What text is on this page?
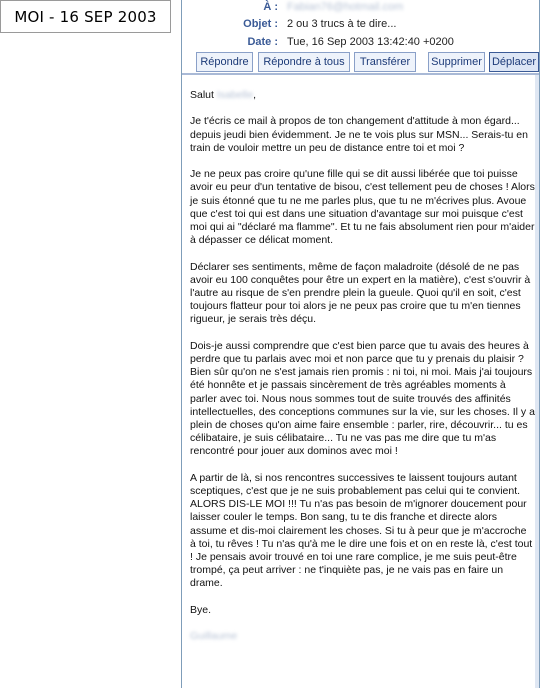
MOI - 16 SEP 2003
À : Fabian76@hotmail.com
Objet : 2 ou 3 trucs à te dire...
Date : Tue, 16 Sep 2003 13:42:40 +0200
Répondre	Répondre à tous	Transférer	Supprimer Déplacer

Salut Isabelle,

Je t'écris ce mail à propos de ton changement d'attitude à mon égard... depuis jeudi bien évidemment. Je ne te vois plus sur MSN... Serais-tu en train de vouloir mettre un peu de distance entre toi et moi ?

Je ne peux pas croire qu'une fille qui se dit aussi libérée que toi puisse avoir eu peur d'un tentative de bisou, c'est tellement peu de choses ! Alors je suis étonné que tu ne me parles plus, que tu ne m'écrives plus. Avoue que c'est toi qui est dans une situation d'avantage sur moi puisque c'est moi qui ai "déclaré ma flamme". Et tu ne fais absolument rien pour m'aider à dépasser ce délicat moment.

Déclarer ses sentiments, même de façon maladroite (désolé de ne pas avoir eu 100 conquêtes pour être un expert en la matière), c'est s'ouvrir à l'autre au risque de s'en prendre plein la gueule. Quoi qu'il en soit, c'est toujours flatteur pour toi alors je ne peux pas croire que tu m'en tiennes rigueur, je serais très déçu.

Dois-je aussi comprendre que c'est bien parce que tu avais des heures à perdre que tu parlais avec moi et non parce que tu y prenais du plaisir ? Bien sûr qu'on ne s'est jamais rien promis : ni toi, ni moi. Mais j'ai toujours été honnête et je passais sincèrement de très agréables moments à parler avec toi. Nous nous sommes tout de suite trouvés des affinités intellectuelles, des conceptions communes sur la vie, sur les choses. Il y a plein de choses qu'on aime faire ensemble : parler, rire, découvrir... tu es célibataire, je suis célibataire... Tu ne vas pas me dire que tu m'as rencontré pour jouer aux dominos avec moi !

A partir de là, si nos rencontres successives te laissent toujours autant sceptiques, c'est que je ne suis probablement pas celui qui te convient. ALORS DIS-LE MOI !!! Tu n'as pas besoin de m'ignorer doucement pour laisser couler le temps. Bon sang, tu te dis franche et directe alors assume et dis-moi clairement les choses. Si tu à peur que je m'accroche à toi, tu rêves ! Tu n'as qu'à me le dire une fois et on en reste là, c'est tout ! Je pensais avoir trouvé en toi une rare complice, je me suis peut-être trompé, ça peut arriver : ne t'inquiète pas, je ne vais pas en faire un drame.

Bye.

Guillaume
